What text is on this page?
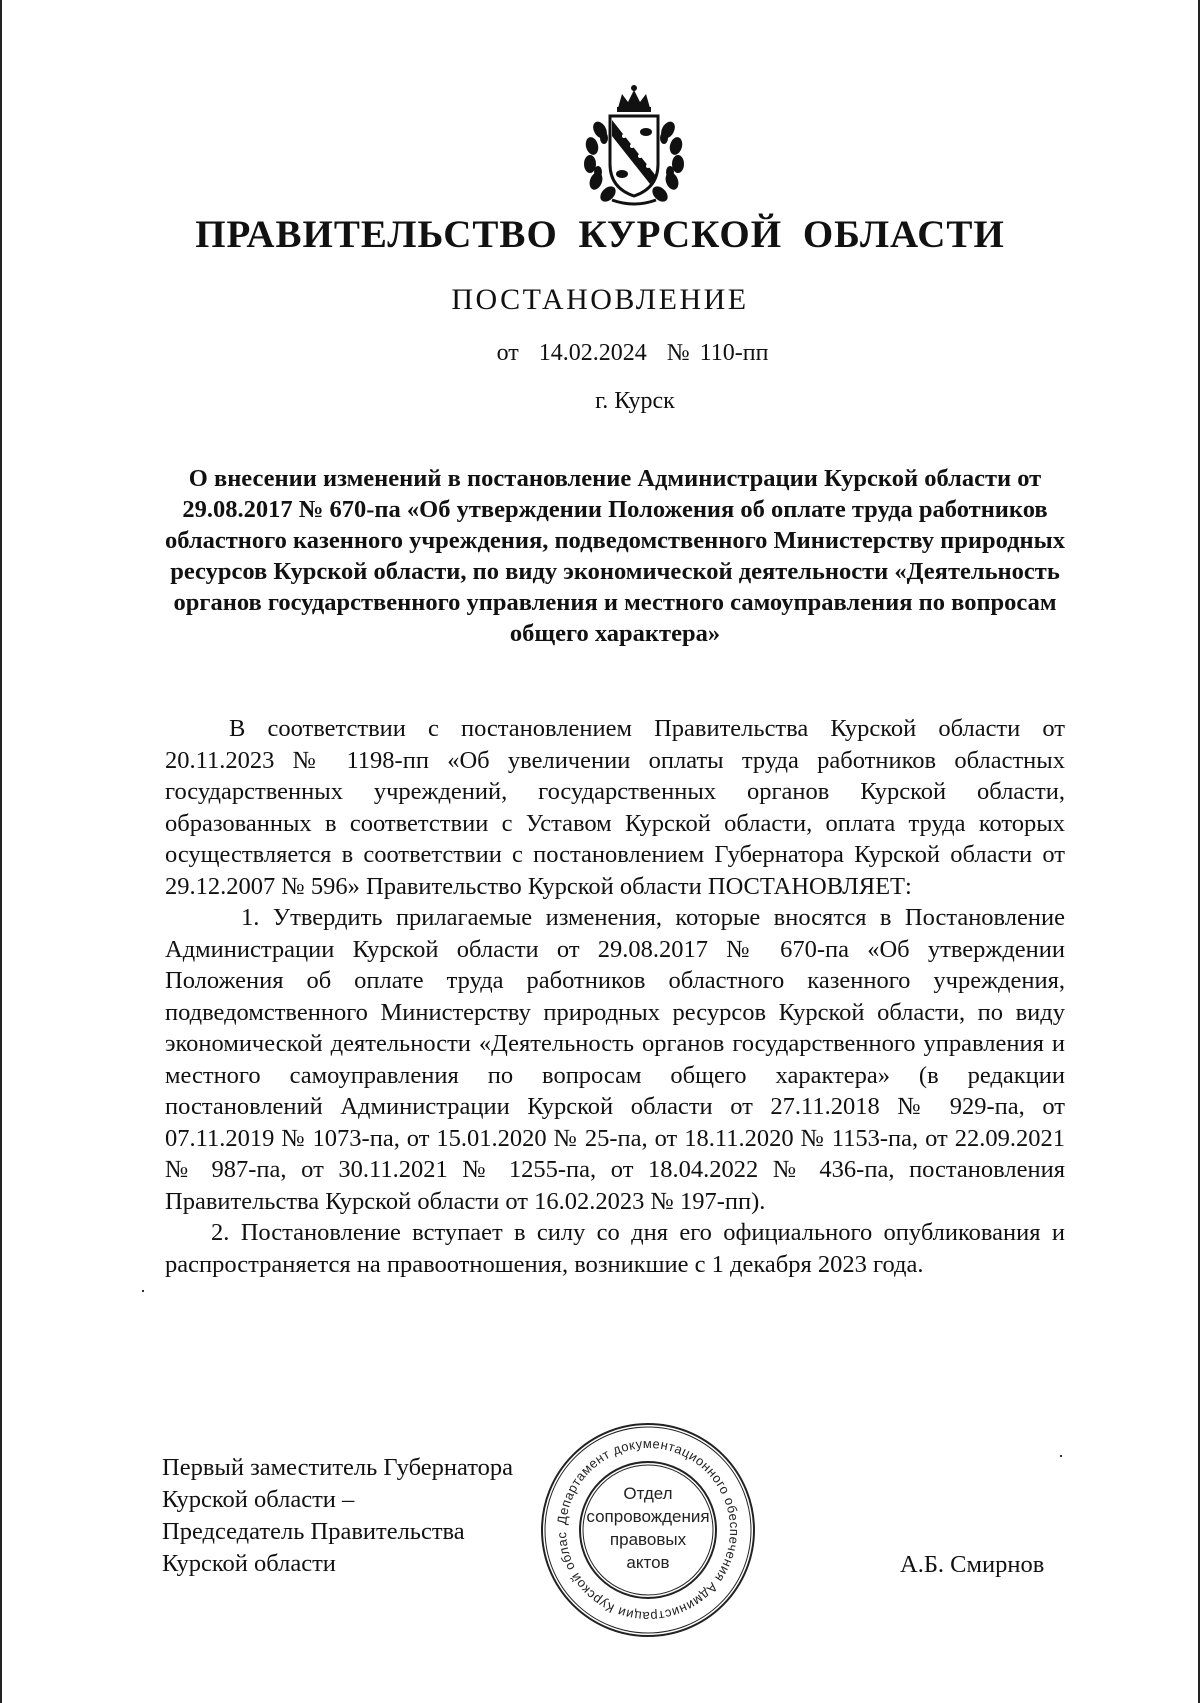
ПРАВИТЕЛЬСТВО КУРСКОЙ ОБЛАСТИ
ПОСТАНОВЛЕНИЕ
от  14.02.2024  № 110-пп
г. Курск
О внесении изменений в постановление Администрации Курской области от 29.08.2017 № 670-па «Об утверждении Положения об оплате труда работников областного казенного учреждения, подведомственного Министерству природных ресурсов Курской области, по виду экономической деятельности «Деятельность органов государственного управления и местного самоуправления по вопросам общего характера»

В соответствии с постановлением Правительства Курской области от 20.11.2023 № 1198-пп «Об увеличении оплаты труда работников областных государственных учреждений, государственных органов Курской области, образованных в соответствии с Уставом Курской области, оплата труда которых осуществляется в соответствии с постановлением Губернатора Курской области от 29.12.2007 № 596» Правительство Курской области ПОСТАНОВЛЯЕТ:

1. Утвердить прилагаемые изменения, которые вносятся в Постановление Администрации Курской области от 29.08.2017 № 670-па «Об утверждении Положения об оплате труда работников областного казенного учреждения, подведомственного Министерству природных ресурсов Курской области, по виду экономической деятельности «Деятельность органов государственного управления и местного самоуправления по вопросам общего характера» (в редакции постановлений Администрации Курской области от 27.11.2018 № 929-па, от 07.11.2019 № 1073-па, от 15.01.2020 № 25-па, от 18.11.2020 № 1153-па, от 22.09.2021 № 987-па, от 30.11.2021 № 1255-па, от 18.04.2022 № 436-па, постановления Правительства Курской области от 16.02.2023 № 197-пп).

2. Постановление вступает в силу со дня его официального опубликования и распространяется на правоотношения, возникшие с 1 декабря 2023 года.

Первый заместитель Губернатора
Курской области –
Председатель Правительства
Курской области	А.Б. Смирнов
Департамент документационного обеспечения Администрации Курской облас
Отдел
сопровождения
правовых
актов
